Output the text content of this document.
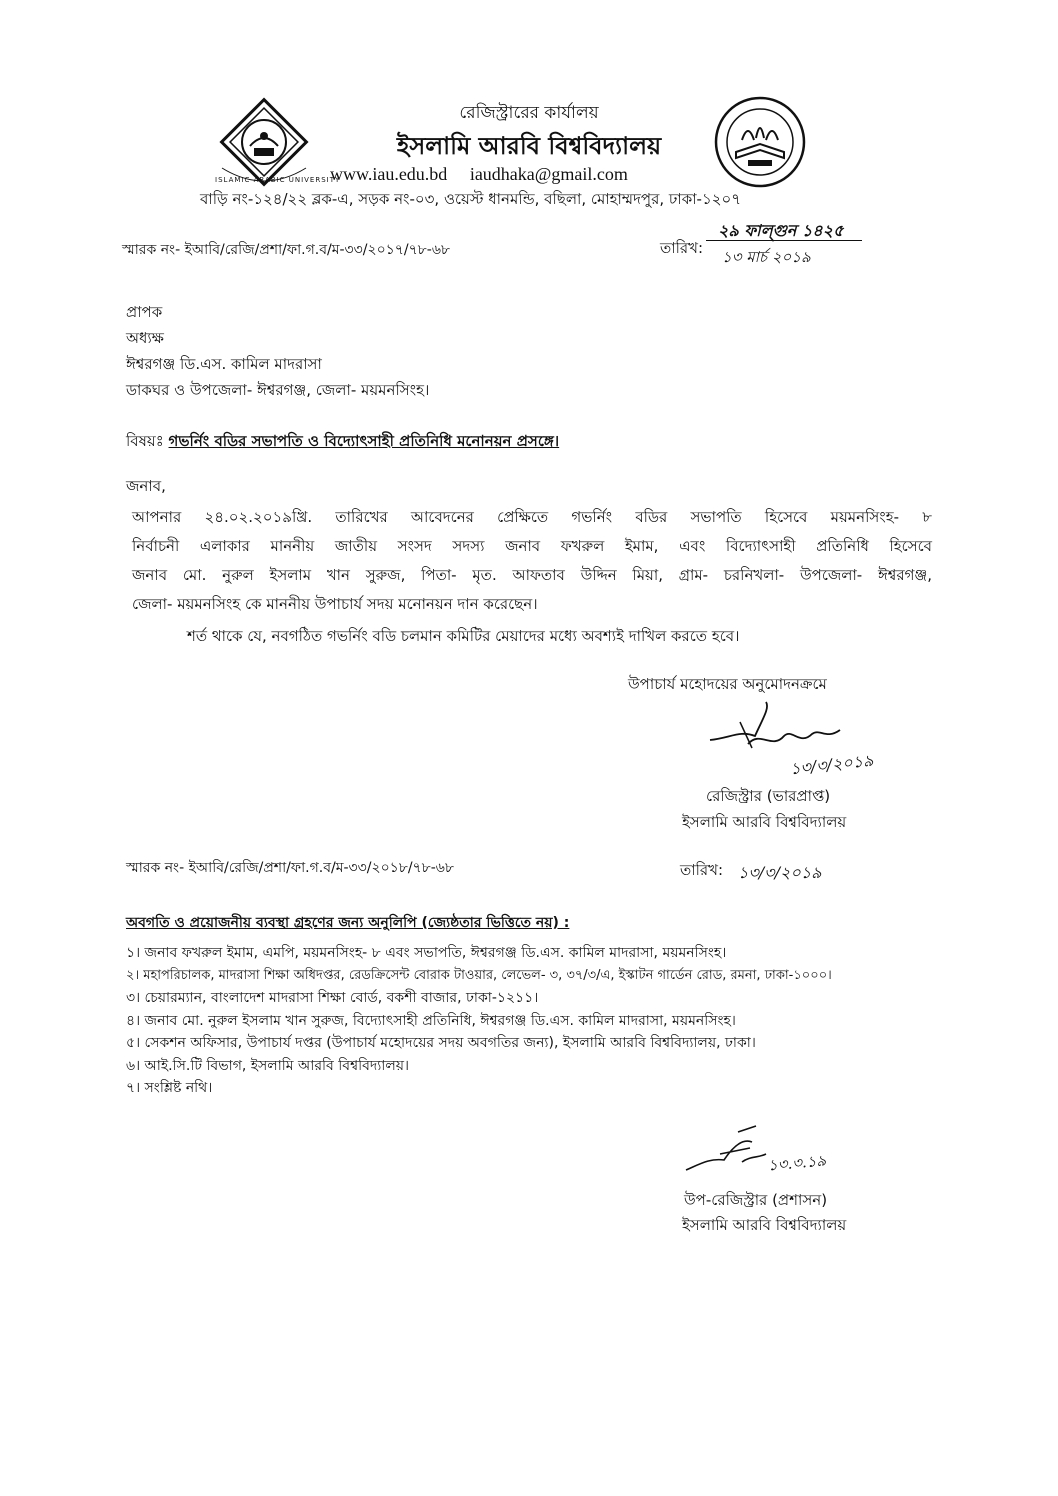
ISLAMIC ARABIC UNIVERSITY
রেজিস্ট্রারের কার্যালয়
ইসলামি আরবি বিশ্ববিদ্যালয়
www.iau.edu.bd iaudhaka@gmail.com
বাড়ি নং-১২৪/২২ ব্লক-এ, সড়ক নং-০৩, ওয়েস্ট ধানমন্ডি, বছিলা, মোহাম্মদপুর, ঢাকা-১২০৭
স্মারক নং- ইআবি/রেজি/প্রশা/ফা.গ.ব/ম-৩৩/২০১৭/৭৮-৬৮	তারিখ:
২৯ ফাল্গুন ১৪২৫
১৩ মার্চ ২০১৯
প্রাপক
অধ্যক্ষ
ঈশ্বরগঞ্জ ডি.এস. কামিল মাদরাসা
ডাকঘর ও উপজেলা- ঈশ্বরগঞ্জ, জেলা- ময়মনসিংহ।
বিষয়ঃ গভর্নিং বডির সভাপতি ও বিদ্যোৎসাহী প্রতিনিধি মনোনয়ন প্রসঙ্গে।
জনাব,
আপনার ২৪.০২.২০১৯খ্রি. তারিখের আবেদনের প্রেক্ষিতে গভর্নিং বডির সভাপতি হিসেবে ময়মনসিংহ- ৮
নির্বাচনী এলাকার মাননীয় জাতীয় সংসদ সদস্য জনাব ফখরুল ইমাম, এবং বিদ্যোৎসাহী প্রতিনিধি হিসেবে
জনাব মো. নুরুল ইসলাম খান সুরুজ, পিতা- মৃত. আফতাব উদ্দিন মিয়া, গ্রাম- চরনিখলা- উপজেলা- ঈশ্বরগঞ্জ,
জেলা- ময়মনসিংহ কে মাননীয় উপাচার্য সদয় মনোনয়ন দান করেছেন।
শর্ত থাকে যে, নবগঠিত গভর্নিং বডি চলমান কমিটির মেয়াদের মধ্যে অবশ্যই দাখিল করতে হবে।
উপাচার্য মহোদয়ের অনুমোদনক্রমে
১৩/৩/২০১৯
রেজিস্ট্রার (ভারপ্রাপ্ত)
ইসলামি আরবি বিশ্ববিদ্যালয়
স্মারক নং- ইআবি/রেজি/প্রশা/ফা.গ.ব/ম-৩৩/২০১৮/৭৮-৬৮	তারিখ: ১৩/৩/২০১৯
অবগতি ও প্রয়োজনীয় ব্যবস্থা গ্রহণের জন্য অনুলিপি (জ্যেষ্ঠতার ভিত্তিতে নয়) :
১। জনাব ফখরুল ইমাম, এমপি, ময়মনসিংহ- ৮ এবং সভাপতি, ঈশ্বরগঞ্জ ডি.এস. কামিল মাদরাসা, ময়মনসিংহ।
২। মহাপরিচালক, মাদরাসা শিক্ষা অধিদপ্তর, রেডক্রিসেন্ট বোরাক টাওয়ার, লেভেল- ৩, ৩৭/৩/এ, ইস্কাটন গার্ডেন রোড, রমনা, ঢাকা-১০০০।
৩। চেয়ারম্যান, বাংলাদেশ মাদরাসা শিক্ষা বোর্ড, বকশী বাজার, ঢাকা-১২১১।
৪। জনাব মো. নুরুল ইসলাম খান সুরুজ, বিদ্যোৎসাহী প্রতিনিধি, ঈশ্বরগঞ্জ ডি.এস. কামিল মাদরাসা, ময়মনসিংহ।
৫। সেকশন অফিসার, উপাচার্য দপ্তর (উপাচার্য মহোদয়ের সদয় অবগতির জন্য), ইসলামি আরবি বিশ্ববিদ্যালয়, ঢাকা।
৬। আই.সি.টি বিভাগ, ইসলামি আরবি বিশ্ববিদ্যালয়।
৭। সংশ্লিষ্ট নথি।
১৩.৩.১৯
উপ-রেজিস্ট্রার (প্রশাসন)
ইসলামি আরবি বিশ্ববিদ্যালয়
